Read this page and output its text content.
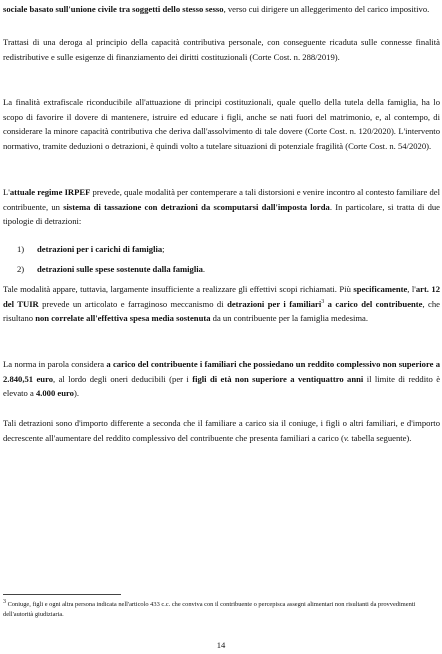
sociale basato sull'unione civile tra soggetti dello stesso sesso, verso cui dirigere un alleggerimento del carico impositivo.

Trattasi di una deroga al principio della capacità contributiva personale, con conseguente ricaduta sulle connesse finalità redistributive e sulle esigenze di finanziamento dei diritti costituzionali (Corte Cost. n. 288/2019).

La finalità extrafiscale riconducibile all'attuazione di principi costituzionali, quale quello della tutela della famiglia, ha lo scopo di favorire il dovere di mantenere, istruire ed educare i figli, anche se nati fuori del matrimonio, e, al contempo, di considerare la minore capacità contributiva che deriva dall'assolvimento di tale dovere (Corte Cost. n. 120/2020). L'intervento normativo, tramite deduzioni o detrazioni, è quindi volto a tutelare situazioni di potenziale fragilità (Corte Cost. n. 54/2020).

L'attuale regime IRPEF prevede, quale modalità per contemperare a tali distorsioni e venire incontro al contesto familiare del contribuente, un sistema di tassazione con detrazioni da scomputarsi dall'imposta lorda. In particolare, si tratta di due tipologie di detrazioni:

1) detrazioni per i carichi di famiglia;

2) detrazioni sulle spese sostenute dalla famiglia.

Tale modalità appare, tuttavia, largamente insufficiente a realizzare gli effettivi scopi richiamati. Più specificamente, l'art. 12 del TUIR prevede un articolato e farraginoso meccanismo di detrazioni per i familiari$^3$ a carico del contribuente, che risultano non correlate all'effettiva spesa media sostenuta da un contribuente per la famiglia medesima.

La norma in parola considera a carico del contribuente i familiari che possiedano un reddito complessivo non superiore a 2.840,51 euro, al lordo degli oneri deducibili (per i figli di età non superiore a ventiquattro anni il limite di reddito è elevato a 4.000 euro).

Tali detrazioni sono d'importo differente a seconda che il familiare a carico sia il coniuge, i figli o altri familiari, e d'importo decrescente all'aumentare del reddito complessivo del contribuente che presenta familiari a carico (v. tabella seguente).

$^3$ Coniuge, figli e ogni altra persona indicata nell'articolo 433 c.c. che conviva con il contribuente o percepisca assegni alimentari non risultanti da provvedimenti dell'autorità giudiziaria.

14
